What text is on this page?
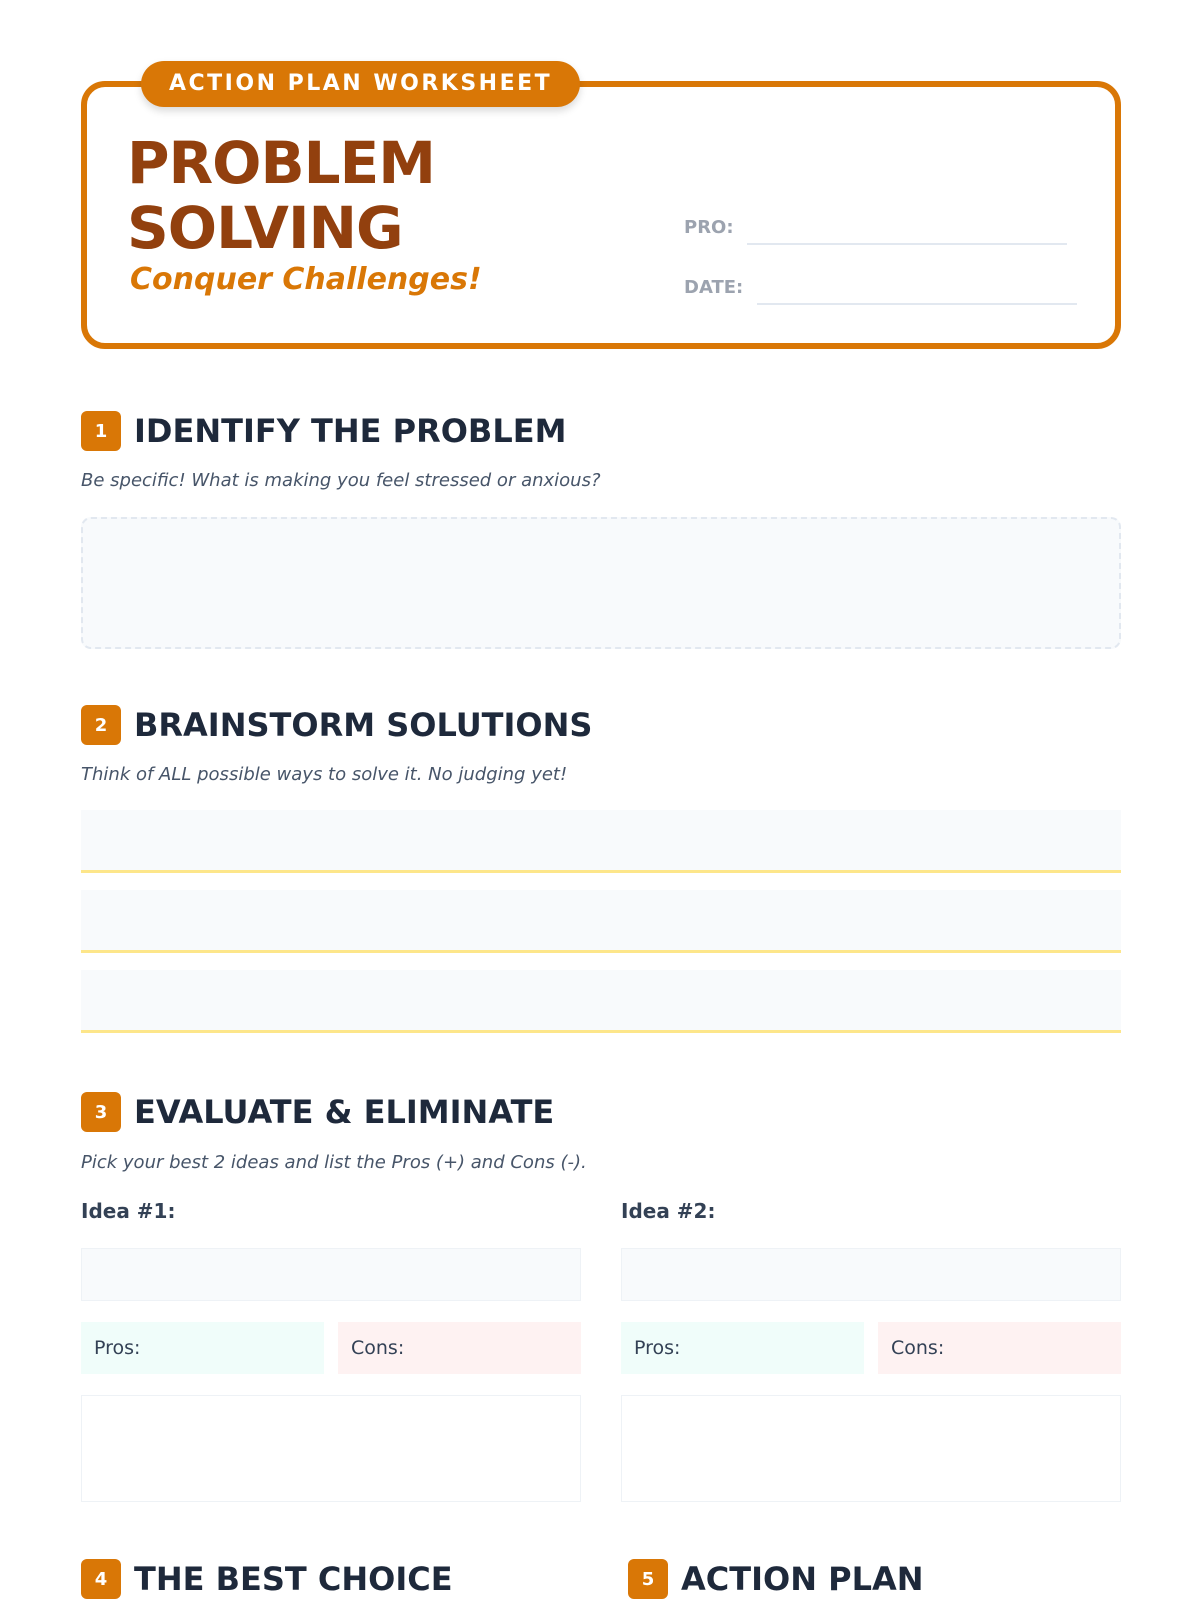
ACTION PLAN WORKSHEET
PROBLEM
SOLVING
Conquer Challenges!
PRO:
DATE:
1 IDENTIFY THE PROBLEM
Be specific! What is making you feel stressed or anxious?
2 BRAINSTORM SOLUTIONS
Think of ALL possible ways to solve it. No judging yet!
3 EVALUATE & ELIMINATE
Pick your best 2 ideas and list the Pros (+) and Cons (-).
Idea #1:
Pros:	Cons:
Idea #2:
Pros:	Cons:
4 THE BEST CHOICE	5 ACTION PLAN
